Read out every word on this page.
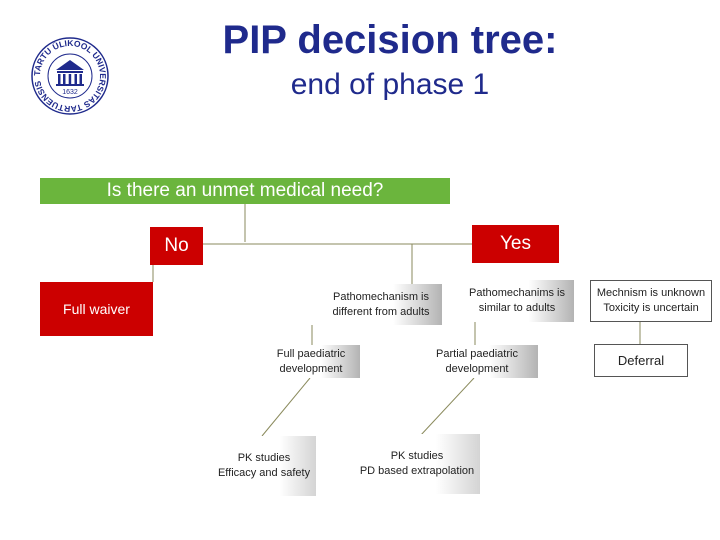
PIP decision tree:
end of phase 1
TARTU ÜLIKOOL UNIVERSITAS TARTUENSIS
1632
Is there an unmet medical need?
No	Yes
Full waiver
Pathomechanism is different from adults
Pathomechanims is similar to adults
Mechnism is unknown
Toxicity is uncertain
Full paediatric development
Partial paediatric development
Deferral
PK studies
Efficacy and safety
PK studies
PD based extrapolation
